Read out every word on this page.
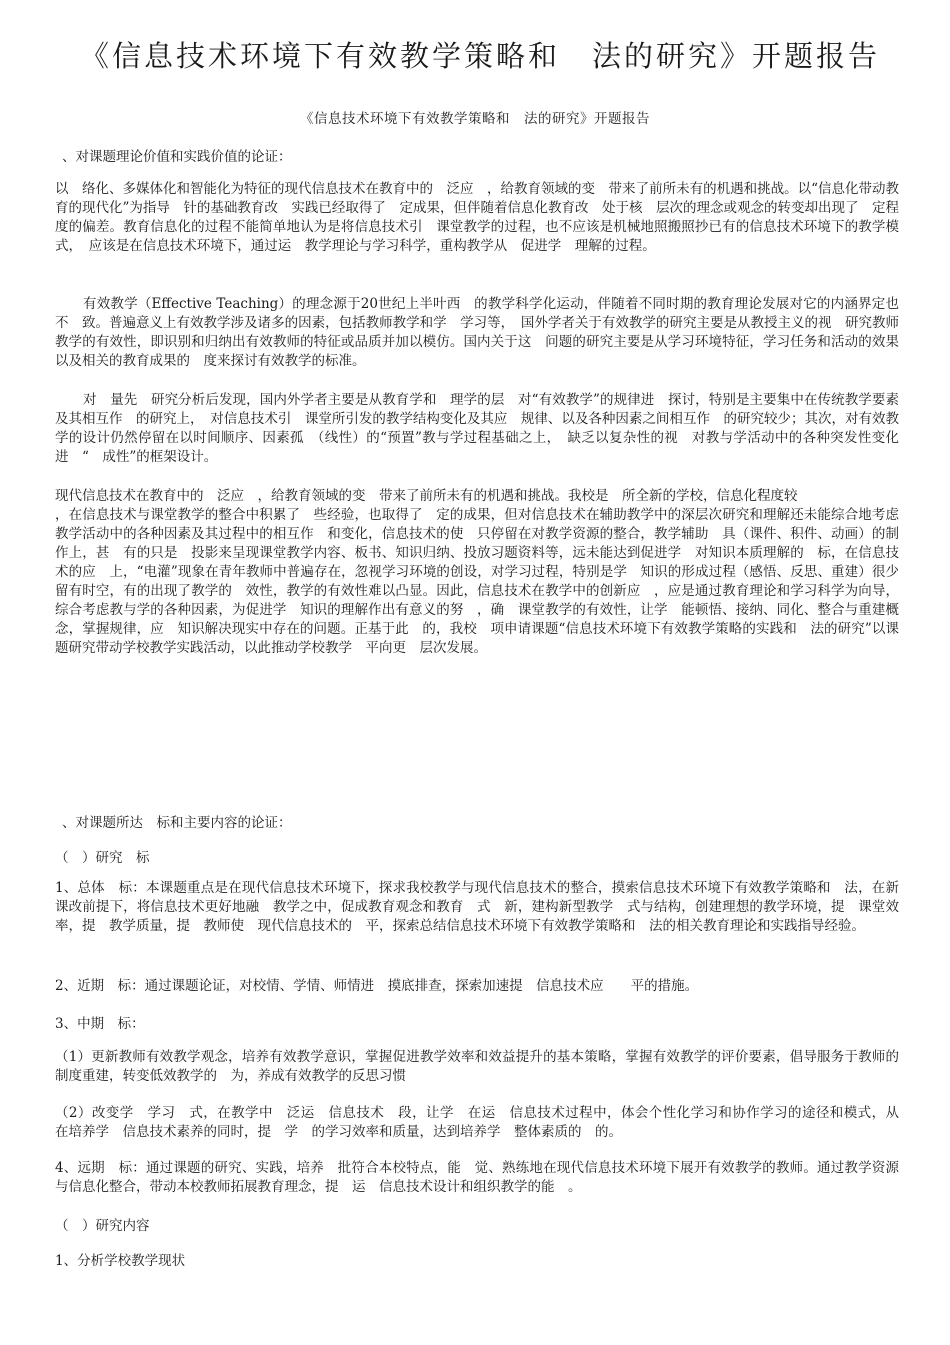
《信息技术环境下有效教学策略和　法的研究》开题报告

《信息技术环境下有效教学策略和　法的研究》开题报告

、对课题理论价值和实践价值的论证：

以　络化、多媒体化和智能化为特征的现代信息技术在教育中的　泛应　，给教育领域的变　带来了前所未有的机遇和挑战。以“信息化带动教育的现代化”为指导　针的基础教育改　实践已经取得了　定成果，但伴随着信息化教育改　处于核　层次的理念或观念的转变却出现了　定程度的偏差。教育信息化的过程不能简单地认为是将信息技术引　课堂教学的过程，也不应该是机械地照搬照抄已有的信息技术环境下的教学模式，　应该是在信息技术环境下，通过运　教学理论与学习科学，重构教学从　促进学　理解的过程。

有效教学（Effective Teaching）的理念源于20世纪上半叶西　的教学科学化运动，伴随着不同时期的教育理论发展对它的内涵界定也不　致。普遍意义上有效教学涉及诸多的因素，包括教师教学和学　学习等，　国外学者关于有效教学的研究主要是从教授主义的视　研究教师教学的有效性，即识别和归纳出有效教师的特征或品质并加以模仿。国内关于这　问题的研究主要是从学习环境特征，学习任务和活动的效果以及相关的教育成果的　度来探讨有效教学的标准。

对　量先　研究分析后发现，国内外学者主要是从教育学和　理学的层　对“有效教学”的规律进　探讨，特别是主要集中在传统教学要素及其相互作　的研究上，　对信息技术引　课堂所引发的教学结构变化及其应　规律、以及各种因素之间相互作　的研究较少；其次，对有效教学的设计仍然停留在以时间顺序、因素孤　（线性）的“预置”教与学过程基础之上，　缺乏以复杂性的视　对教与学活动中的各种突发性变化进　“　成性”的框架设计。

现代信息技术在教育中的　泛应　，给教育领域的变　带来了前所未有的机遇和挑战。我校是　所全新的学校，信息化程度较

，在信息技术与课堂教学的整合中积累了　些经验，也取得了　定的成果，但对信息技术在辅助教学中的深层次研究和理解还未能综合地考虑教学活动中的各种因素及其过程中的相互作　和变化，信息技术的使　只停留在对教学资源的整合，教学辅助　具（课件、积件、动画）的制作上，甚　有的只是　投影来呈现课堂教学内容、板书、知识归纳、投放习题资料等，远未能达到促进学　对知识本质理解的　标，在信息技术的应　上，“电灌”现象在青年教师中普遍存在，忽视学习环境的创设，对学习过程，特别是学　知识的形成过程（感悟、反思、重建）很少留有时空，有的出现了教学的　效性，教学的有效性难以凸显。因此，信息技术在教学中的创新应　，应是通过教育理论和学习科学为向导，综合考虑教与学的各种因素，为促进学　知识的理解作出有意义的努　，确　课堂教学的有效性，让学　能顿悟、接纳、同化、整合与重建概念，掌握规律，应　知识解决现实中存在的问题。正基于此　的，我校　项申请课题“信息技术环境下有效教学策略的实践和　法的研究”以课题研究带动学校教学实践活动，以此推动学校教学　平向更　层次发展。

、对课题所达　标和主要内容的论证：

（　）研究　标

1、总体　标：本课题重点是在现代信息技术环境下，探求我校教学与现代信息技术的整合，摸索信息技术环境下有效教学策略和　法，在新课改前提下，将信息技术更好地融　教学之中，促成教育观念和教育　式　新，建构新型教学　式与结构，创建理想的教学环境，提　课堂效率，提　教学质量，提　教师使　现代信息技术的　平，探索总结信息技术环境下有效教学策略和　法的相关教育理论和实践指导经验。

2、近期　标：通过课题论证，对校情、学情、师情进　摸底排查，探索加速提　信息技术应　　平的措施。

3、中期　标：

（1）更新教师有效教学观念，培养有效教学意识，掌握促进教学效率和效益提升的基本策略，掌握有效教学的评价要素，倡导服务于教师的制度重建，转变低效教学的　为，养成有效教学的反思习惯

（2）改变学　学习　式，在教学中　泛运　信息技术　段，让学　在运　信息技术过程中，体会个性化学习和协作学习的途径和模式，从　在培养学　信息技术素养的同时，提　学　的学习效率和质量，达到培养学　整体素质的　的。

4、远期　标：通过课题的研究、实践，培养　批符合本校特点，能　觉、熟练地在现代信息技术环境下展开有效教学的教师。通过教学资源与信息化整合，带动本校教师拓展教育理念，提　运　信息技术设计和组织教学的能　。

（　）研究内容

1、分析学校教学现状
